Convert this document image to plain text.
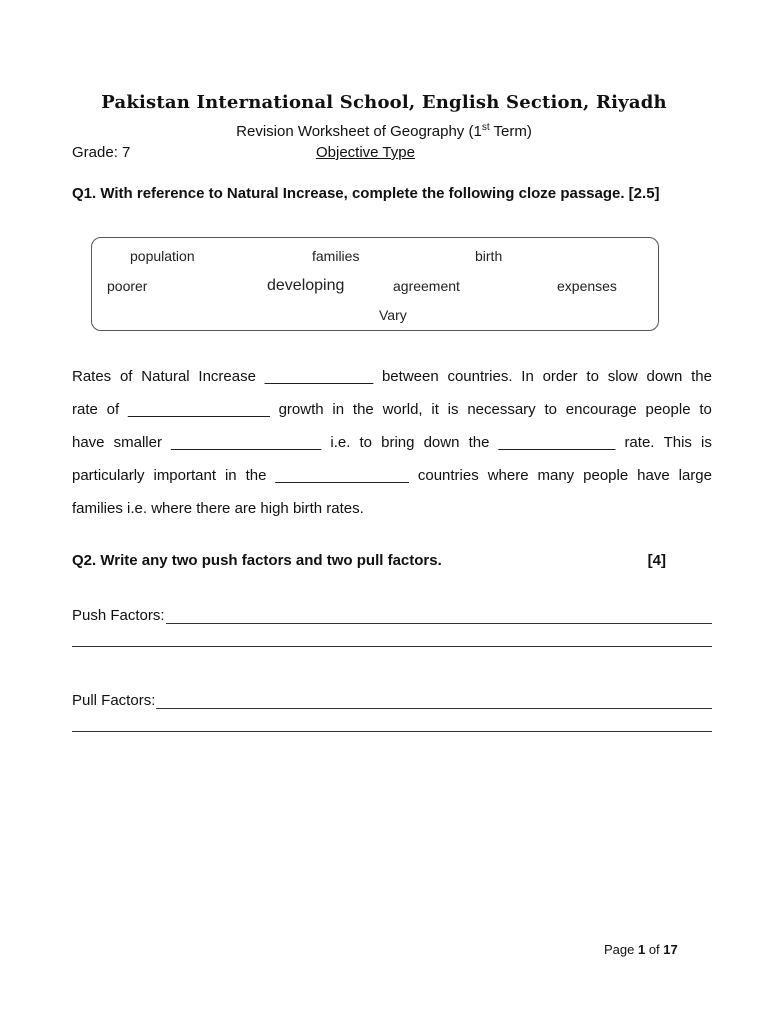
Pakistan International School, English Section, Riyadh
Revision Worksheet of Geography (1st Term)
Grade: 7	Objective Type
Q1. With reference to Natural Increase, complete the following cloze passage. [2.5]
population	families	birth
poorer	developing	agreement	expenses
Vary
Rates of Natural Increase _____________ between countries. In order to slow down the
rate of _________________ growth in the world, it is necessary to encourage people to
have smaller __________________ i.e. to bring down the ______________ rate. This is
particularly important in the ________________ countries where many people have large
families i.e. where there are high birth rates.
Q2. Write any two push factors and two pull factors.	[4]
Push Factors:
Pull Factors:
Page 1 of 17
